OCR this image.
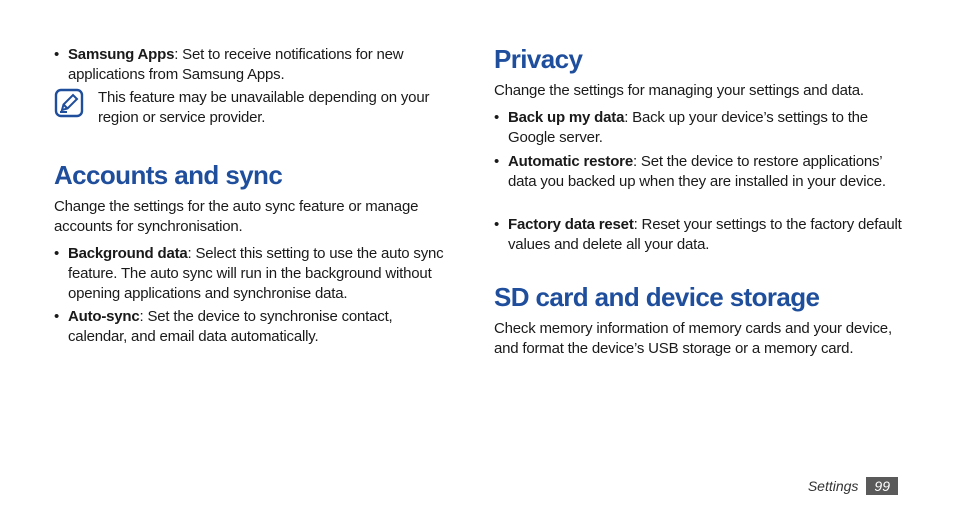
• Samsung Apps: Set to receive notifications for new applications from Samsung Apps.
This feature may be unavailable depending on your region or service provider.
Accounts and sync
Change the settings for the auto sync feature or manage accounts for synchronisation.
• Background data: Select this setting to use the auto sync feature. The auto sync will run in the background without opening applications and synchronise data.
• Auto-sync: Set the device to synchronise contact, calendar, and email data automatically.
Privacy
Change the settings for managing your settings and data.
• Back up my data: Back up your device’s settings to the Google server.
• Automatic restore: Set the device to restore applications’ data you backed up when they are installed in your device.
• Factory data reset: Reset your settings to the factory default values and delete all your data.
SD card and device storage
Check memory information of memory cards and your device, and format the device’s USB storage or a memory card.
Settings	99
